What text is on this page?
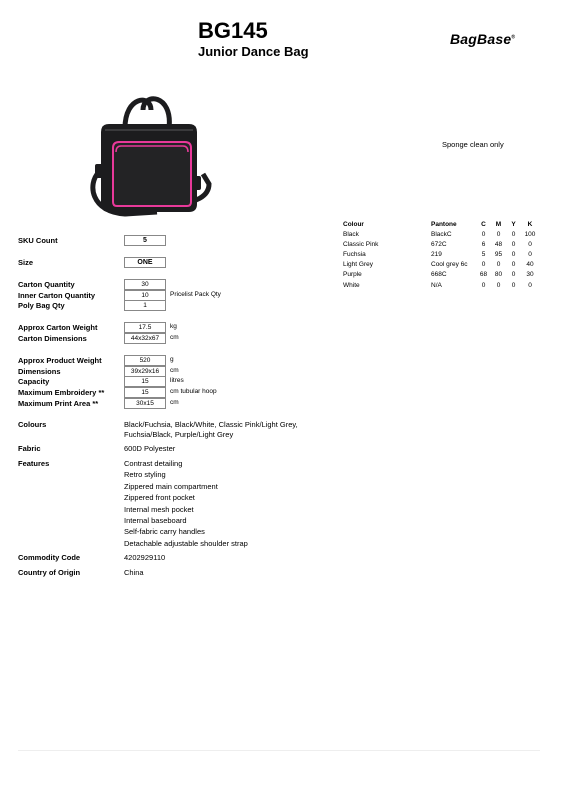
BG145
Junior Dance Bag
BagBase®
Sponge clean only
Colour	Pantone	C	M	Y	K
Black	BlackC	0	0	0	100
Classic Pink	672C	6	48	0	0
Fuchsia	219	5	95	0	0
Light Grey	Cool grey 6c	0	0	0	40
Purple	668C	68	80	0	30
White	N/A	0	0	0	0
SKU Count	5
Size	ONE
Carton Quantity	30
Inner Carton Quantity	10	Pricelist Pack Qty
Poly Bag Qty	1
Approx Carton Weight	17.5	kg
Carton Dimensions	44x32x67	cm
Approx Product Weight	520	g
Dimensions	39x29x16	cm
Capacity	15	litres
Maximum Embroidery **	15	cm tubular hoop
Maximum Print Area **	30x15	cm
Colours	Black/Fuchsia, Black/White, Classic Pink/Light Grey,
Fuchsia/Black, Purple/Light Grey
Fabric	600D Polyester
Features	Contrast detailing
Retro styling
Zippered main compartment
Zippered front pocket
Internal mesh pocket
Internal baseboard
Self-fabric carry handles
Detachable adjustable shoulder strap
Commodity Code	4202929110
Country of Origin	China
